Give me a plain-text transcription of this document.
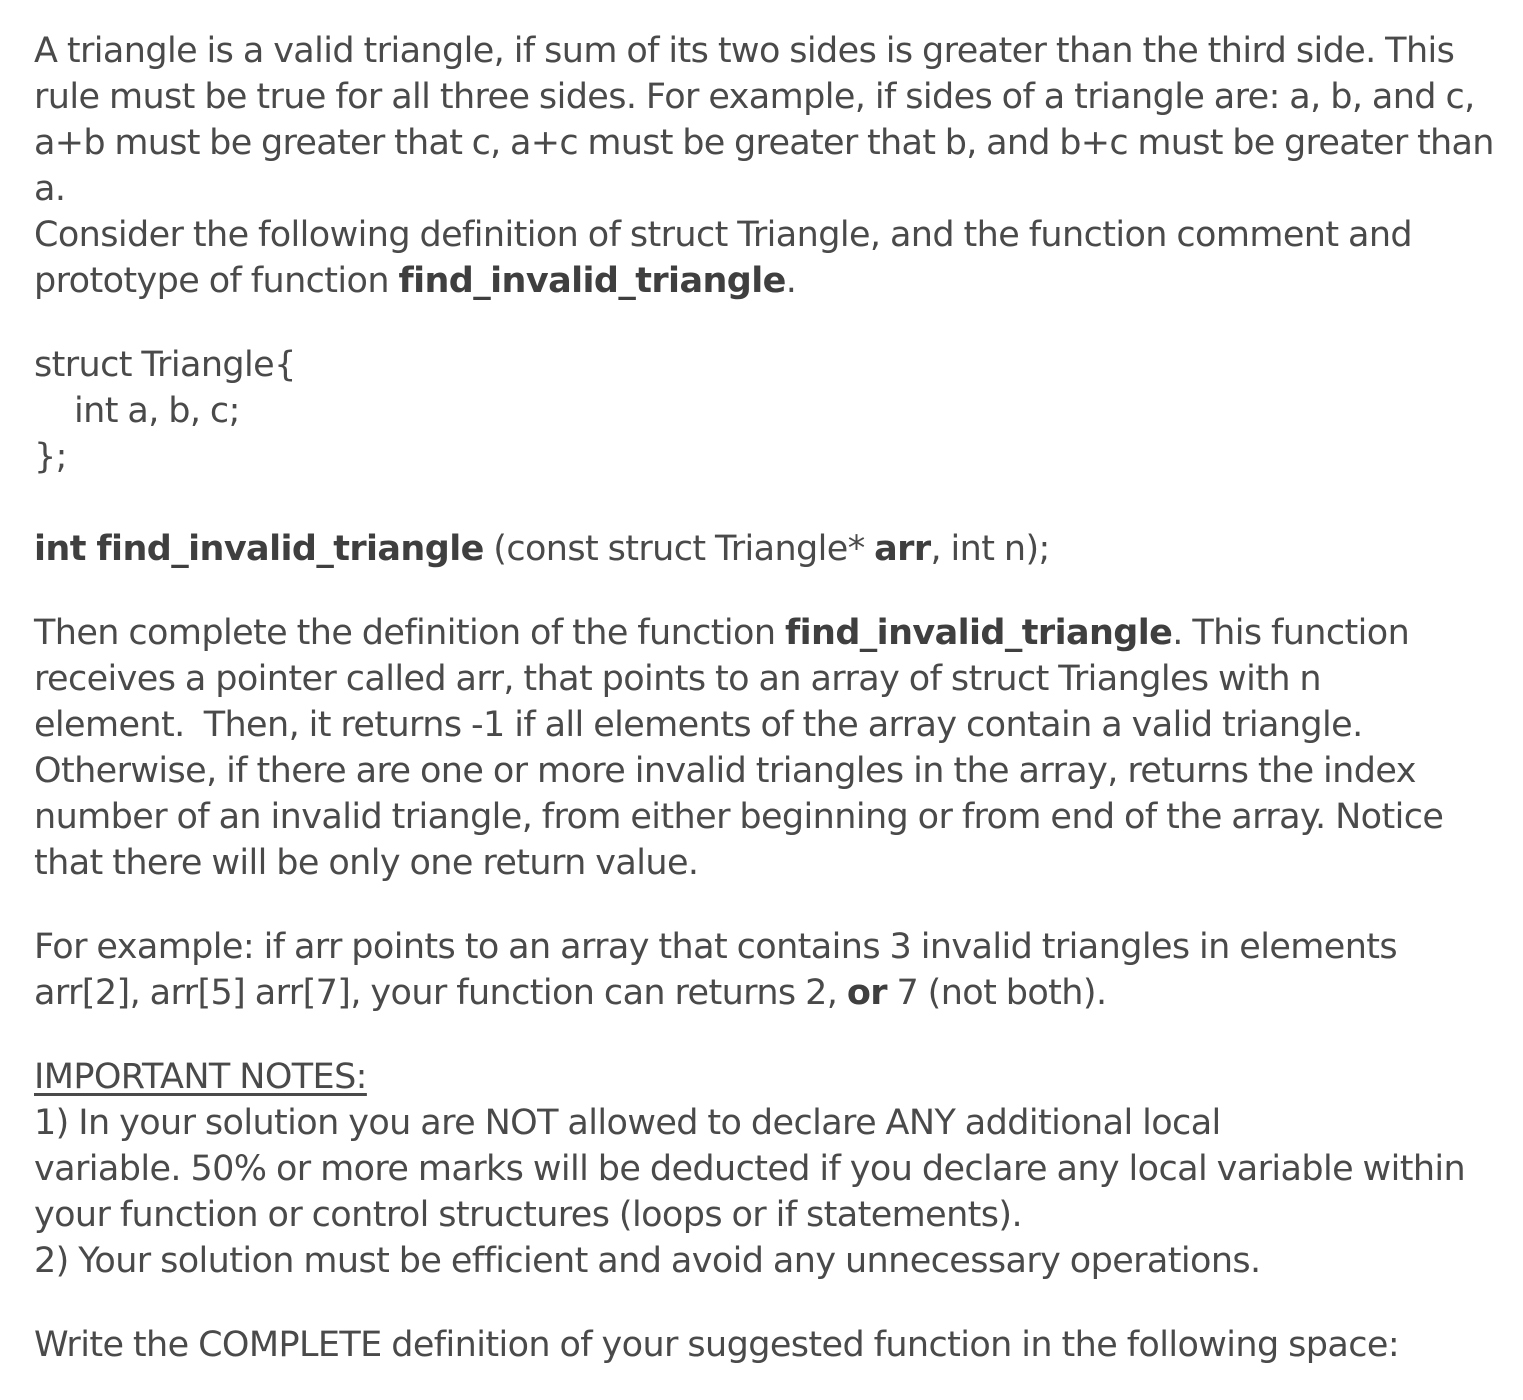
A triangle is a valid triangle, if sum of its two sides is greater than the third side. This

rule must be true for all three sides. For example, if sides of a triangle are: a, b, and c,

a+b must be greater that c, a+c must be greater that b, and b+c must be greater than

a.

Consider the following definition of struct Triangle, and the function comment and

prototype of function find_invalid_triangle.

struct Triangle{

int a, b, c;

};

int find_invalid_triangle (const struct Triangle* arr, int n);

Then complete the definition of the function find_invalid_triangle. This function

receives a pointer called arr, that points to an array of struct Triangles with n

element.  Then, it returns -1 if all elements of the array contain a valid triangle.

Otherwise, if there are one or more invalid triangles in the array, returns the index

number of an invalid triangle, from either beginning or from end of the array. Notice

that there will be only one return value.

For example: if arr points to an array that contains 3 invalid triangles in elements

arr[2], arr[5] arr[7], your function can returns 2, or 7 (not both).

IMPORTANT NOTES:

1) In your solution you are NOT allowed to declare ANY additional local

variable. 50% or more marks will be deducted if you declare any local variable within

your function or control structures (loops or if statements).

2) Your solution must be efficient and avoid any unnecessary operations.

Write the COMPLETE definition of your suggested function in the following space:
